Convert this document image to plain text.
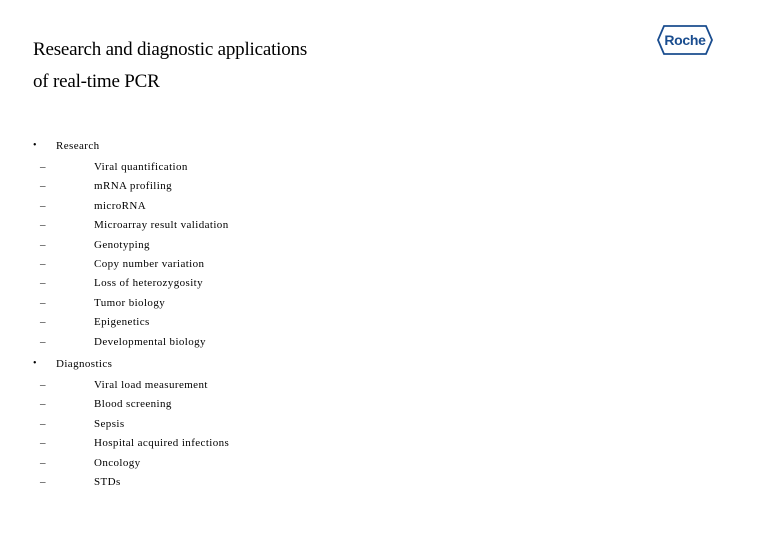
Research and diagnostic applications
of real-time PCR
Roche
•	Research
–	Viral quantification
–	mRNA profiling
–	microRNA
–	Microarray result validation
–	Genotyping
–	Copy number variation
–	Loss of heterozygosity
–	Tumor biology
–	Epigenetics
–	Developmental biology
•	Diagnostics
–	Viral load measurement
–	Blood screening
–	Sepsis
–	Hospital acquired infections
–	Oncology
–	STDs
